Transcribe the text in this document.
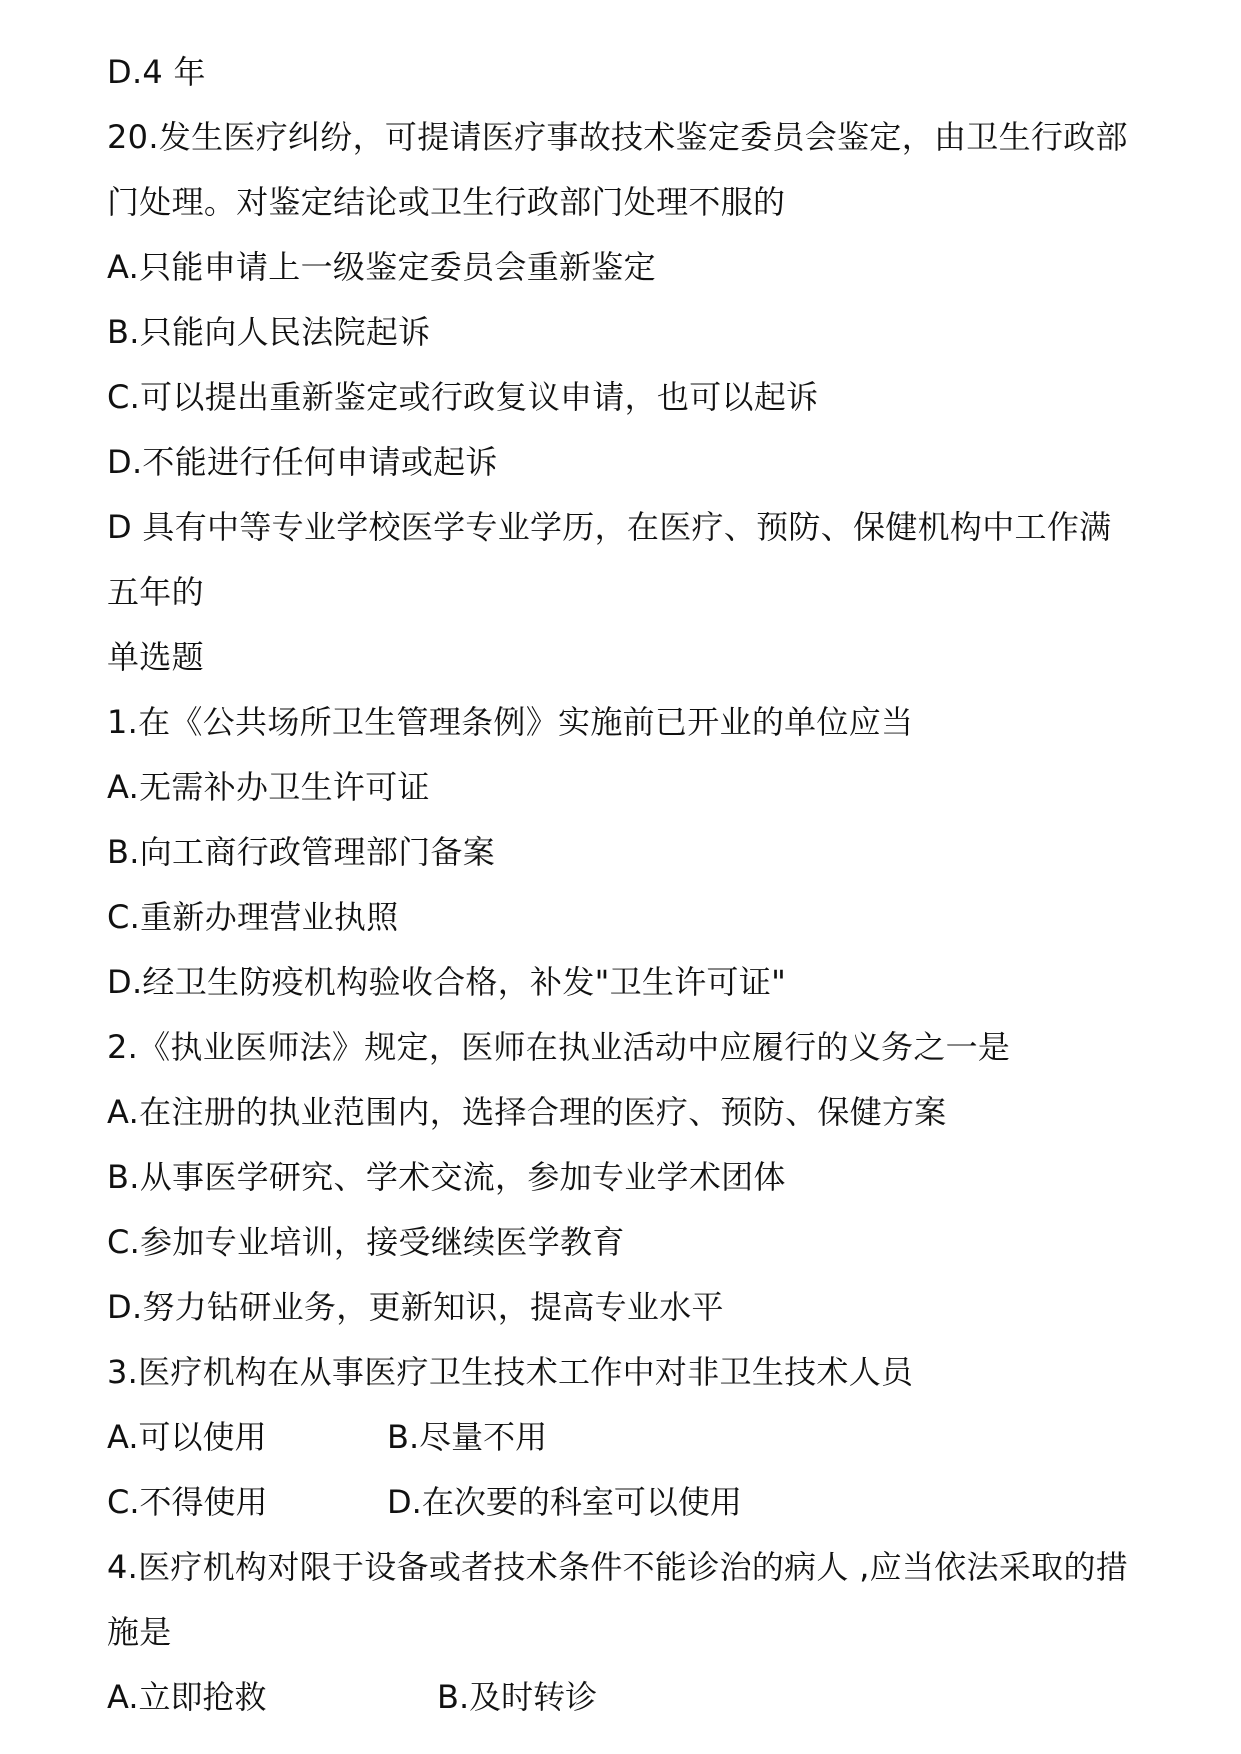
D.4 年
20.发生医疗纠纷，可提请医疗事故技术鉴定委员会鉴定，由卫生行政部
门处理。对鉴定结论或卫生行政部门处理不服的
A.只能申请上一级鉴定委员会重新鉴定
B.只能向人民法院起诉
C.可以提出重新鉴定或行政复议申请，也可以起诉
D.不能进行任何申请或起诉
D 具有中等专业学校医学专业学历，在医疗、预防、保健机构中工作满
五年的
单选题
1.在《公共场所卫生管理条例》实施前已开业的单位应当
A.无需补办卫生许可证
B.向工商行政管理部门备案
C.重新办理营业执照
D.经卫生防疫机构验收合格，补发"卫生许可证"
2.《执业医师法》规定，医师在执业活动中应履行的义务之一是
A.在注册的执业范围内，选择合理的医疗、预防、保健方案
B.从事医学研究、学术交流，参加专业学术团体
C.参加专业培训，接受继续医学教育
D.努力钻研业务，更新知识，提高专业水平
3.医疗机构在从事医疗卫生技术工作中对非卫生技术人员
A.可以使用	B.尽量不用
C.不得使用	D.在次要的科室可以使用
4.医疗机构对限于设备或者技术条件不能诊治的病人 ,应当依法采取的措
施是
A.立即抢救	B.及时转诊
